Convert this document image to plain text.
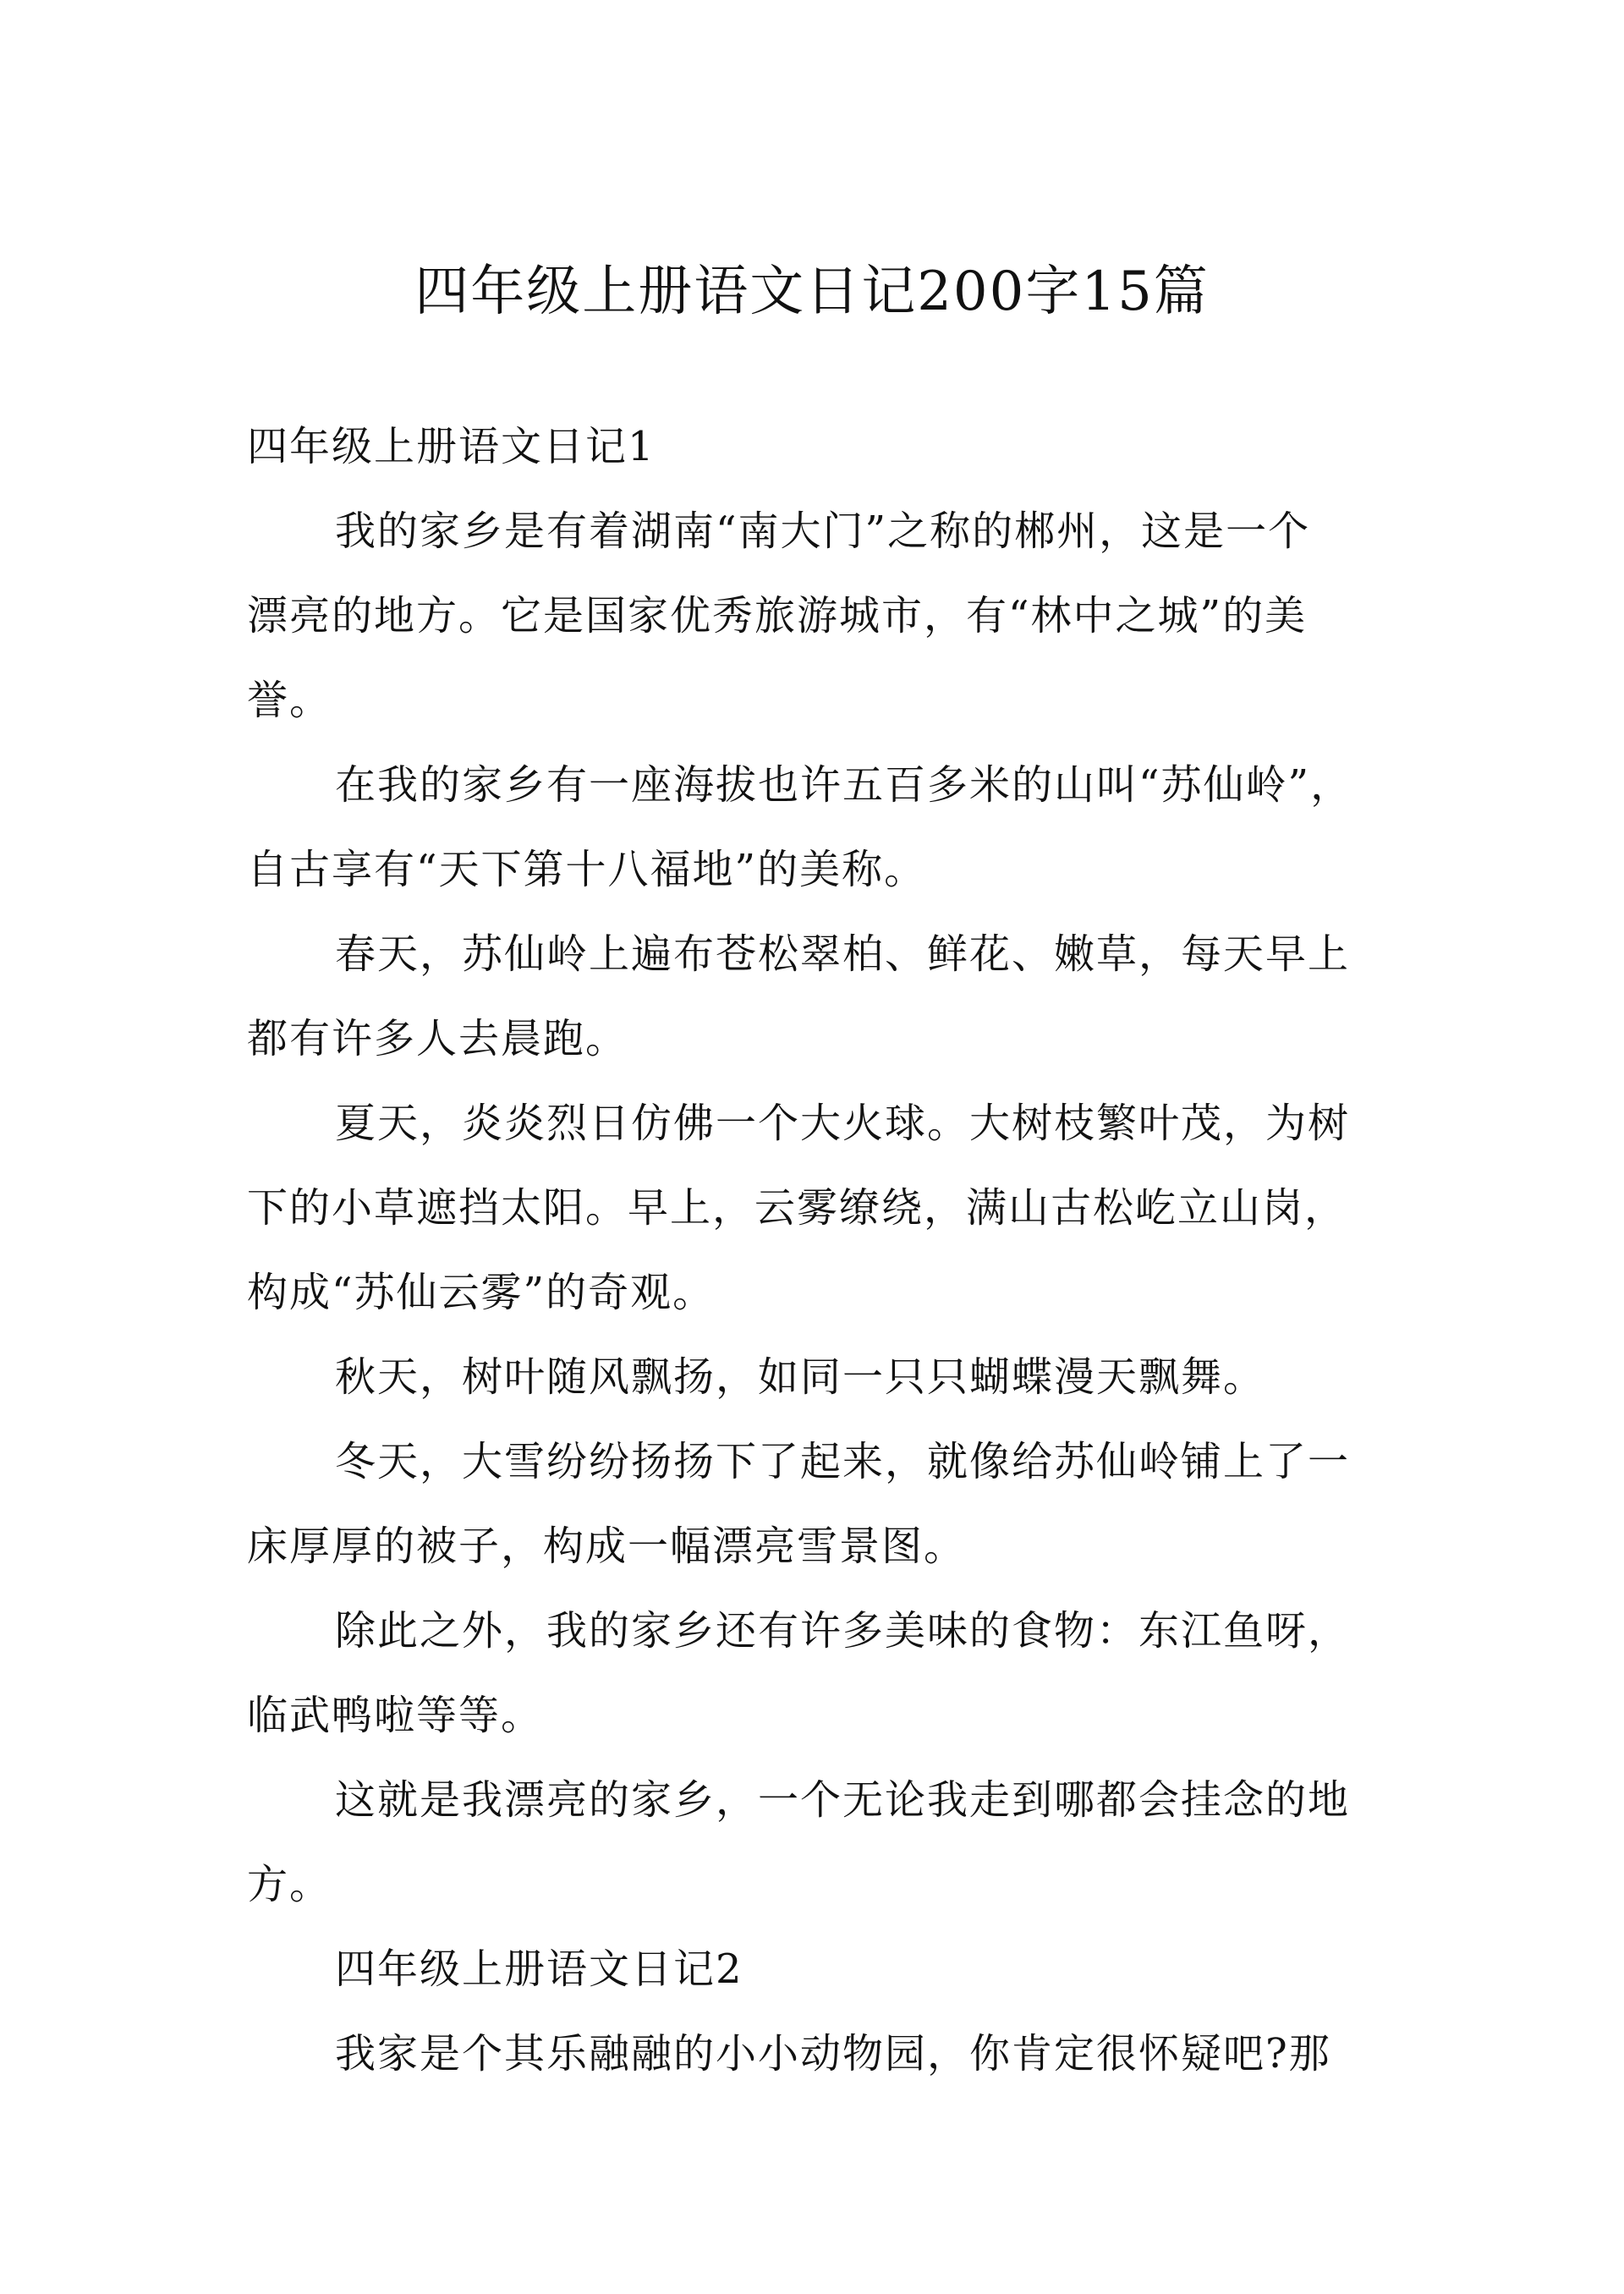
四年级上册语文日记200字15篇

四年级上册语文日记1

我的家乡是有着湖南“南大门”之称的郴州，这是一个
漂亮的地方。它是国家优秀旅游城市，有“林中之城”的美
誉。

在我的家乡有一座海拔也许五百多米的山叫“苏仙岭”，
自古享有“天下第十八福地”的美称。

春天，苏仙岭上遍布苍松翠柏、鲜花、嫩草，每天早上
都有许多人去晨跑。

夏天，炎炎烈日仿佛一个大火球。大树枝繁叶茂，为树
下的小草遮挡太阳。早上，云雾缭绕，满山古松屹立山岗，
构成“苏仙云雾”的奇观。

秋天，树叶随风飘扬，如同一只只蝴蝶漫天飘舞。

冬天，大雪纷纷扬扬下了起来，就像给苏仙岭铺上了一
床厚厚的被子，构成一幅漂亮雪景图。

除此之外，我的家乡还有许多美味的食物：东江鱼呀，
临武鸭啦等等。

这就是我漂亮的家乡，一个无论我走到哪都会挂念的地
方。

四年级上册语文日记2

我家是个其乐融融的小小动物园，你肯定很怀疑吧?那
